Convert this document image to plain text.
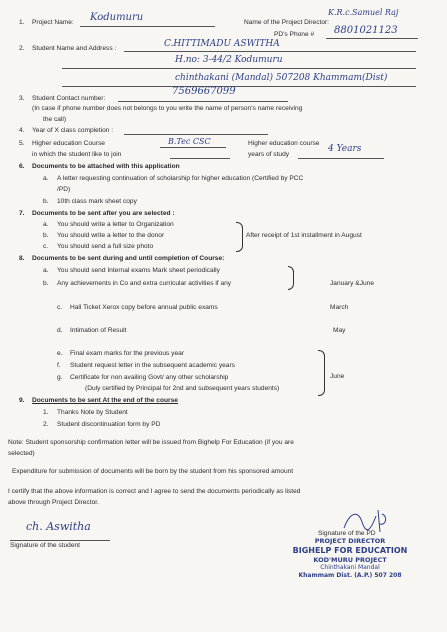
1. Project Name: Kodumuru	Name of the Project Director:
K.R.c.Samuel Raj
PD's Phone # 8801021123
2. Student Name and Address :	C.HITTIMADU ASWITHA
H.no: 3-44/2 Kodumuru
chinthakani (Mandal) 507208 Khammam(Dist)
3. Student Contact number:
7569667099
(In case if phone number does not belongs to you write the name of person's name receiving
the call)
4. Year of X class completion :
5. Higher education Course	B.Tec CSC
in which the student like to join
Higher education course
years of study
4 Years
6. Documents to be attached with this application
a. A letter requesting continuation of scholarship for higher education (Certified by PCC
/PD)
b. 10th class mark sheet copy
7. Documents to be sent after you are selected :
a. You should write a letter to Organization
b. You should write a letter to the donor
c. You should send a full size photo
After receipt of 1st installment in August
8. Documents to be sent during and until completion of Course:
a. You should send Internal exams Mark sheet periodically
b. Any achievements in Co and extra curricular activities if any	January &June
c. Hall Ticket Xerox copy before annual public exams	March
d. Intimation of Result	May
e. Final exam marks for the previous year
f. Student request letter in the subsequent academic years
g. Certificate for non availing Govt/ any other scholarship
(Duly certified by Principal for 2nd and subsequent years students)
June
9. Documents to be sent At the end of the course
1. Thanks Note by Student
2. Student discontinuation form by PD
Note: Student sponsorship confirmation letter will be issued from Bighelp For Education (if you are
selected)
Expenditure for submission of documents will be born by the student from his sponsored amount
I certify that the above information is correct and I agree to send the documents periodically as listed
above through Project Director.
ch. Aswitha
Signature of the student
Signature of the PD
PROJECT DIRECTOR
BIGHELP FOR EDUCATION
KOD'MURU PROJECT
Chinthakani Mandal
Khammam Dist. (A.P.) 507 208
